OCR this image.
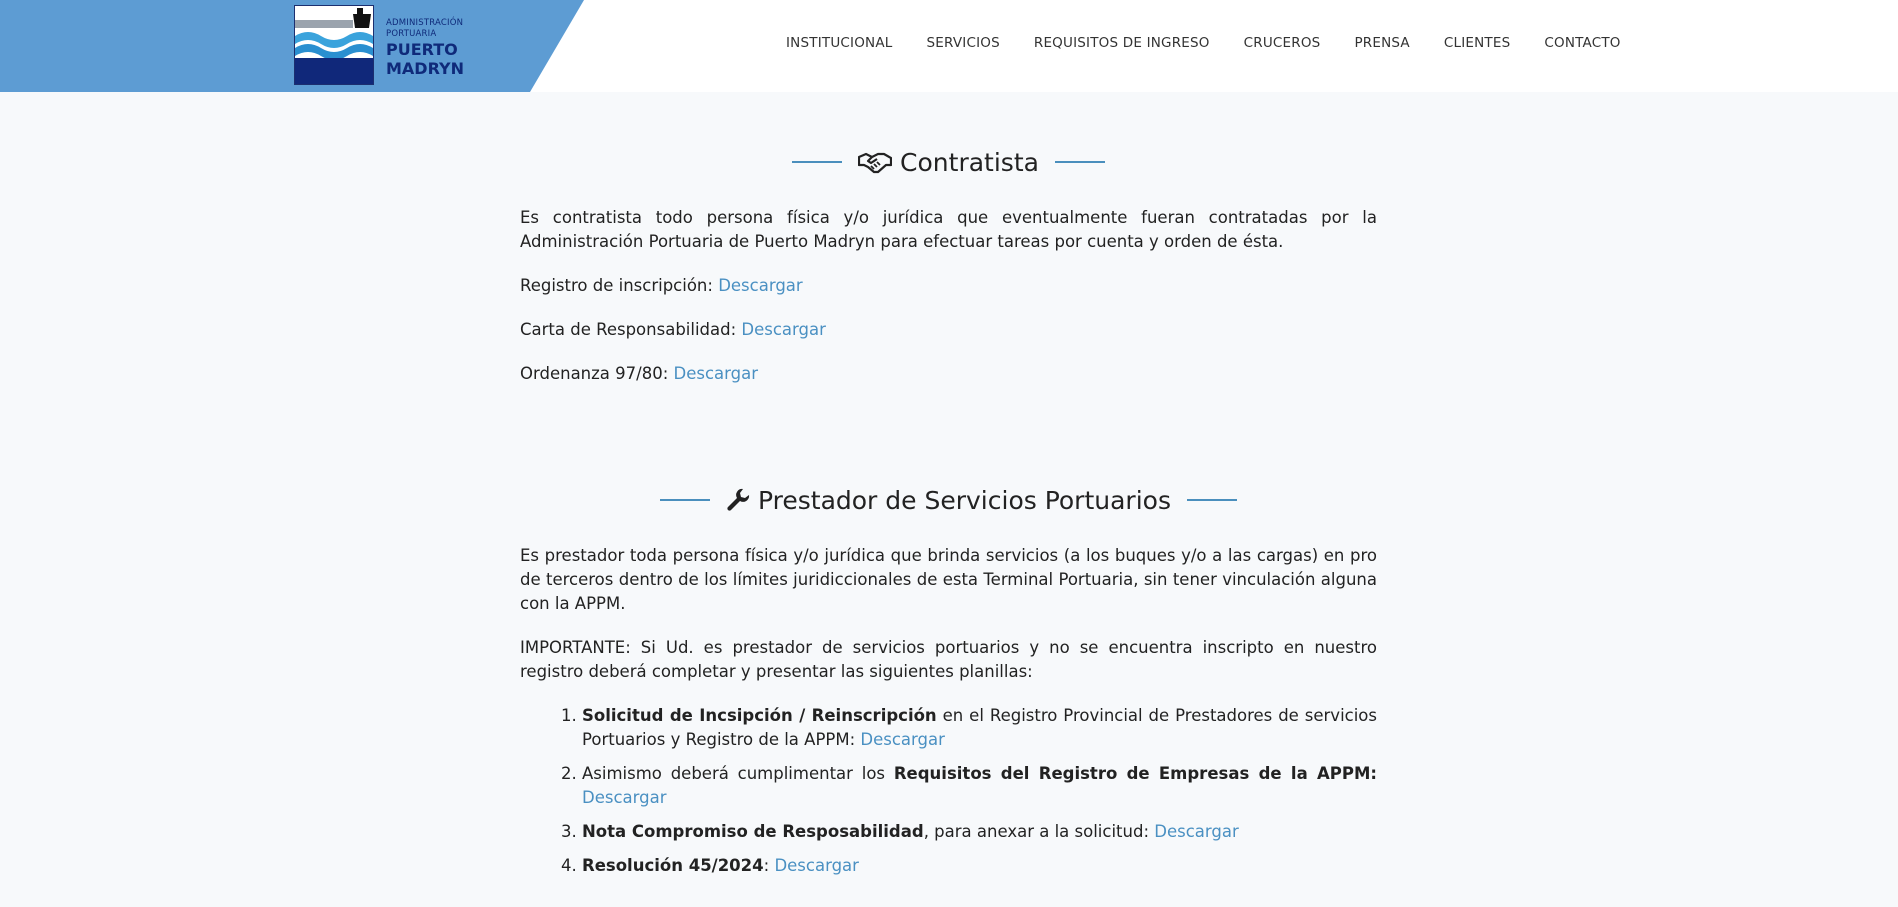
ADMINISTRACIÓN
PORTUARIA
PUERTO
MADRYN
INSTITUCIONAL	SERVICIOS	REQUISITOS DE INGRESO	CRUCEROS	PRENSA	CLIENTES	CONTACTO
Contratista

Es contratista todo persona física y/o jurídica que eventualmente fueran contratadas por la Administración Portuaria de Puerto Madryn para efectuar tareas por cuenta y orden de ésta.

Registro de inscripción: Descargar

Carta de Responsabilidad: Descargar

Ordenanza 97/80: Descargar

Prestador de Servicios Portuarios

Es prestador toda persona física y/o jurídica que brinda servicios (a los buques y/o a las cargas) en pro de terceros dentro de los límites juridiccionales de esta Terminal Portuaria, sin tener vinculación alguna con la APPM.

IMPORTANTE: Si Ud. es prestador de servicios portuarios y no se encuentra inscripto en nuestro registro deberá completar y presentar las siguientes planillas:

1. Solicitud de Incsipción / Reinscripción en el Registro Provincial de Prestadores de servicios Portuarios y Registro de la APPM: Descargar
2. Asimismo deberá cumplimentar los Requisitos del Registro de Empresas de la APPM: Descargar
3. Nota Compromiso de Resposabilidad, para anexar a la solicitud: Descargar
4. Resolución 45/2024: Descargar
